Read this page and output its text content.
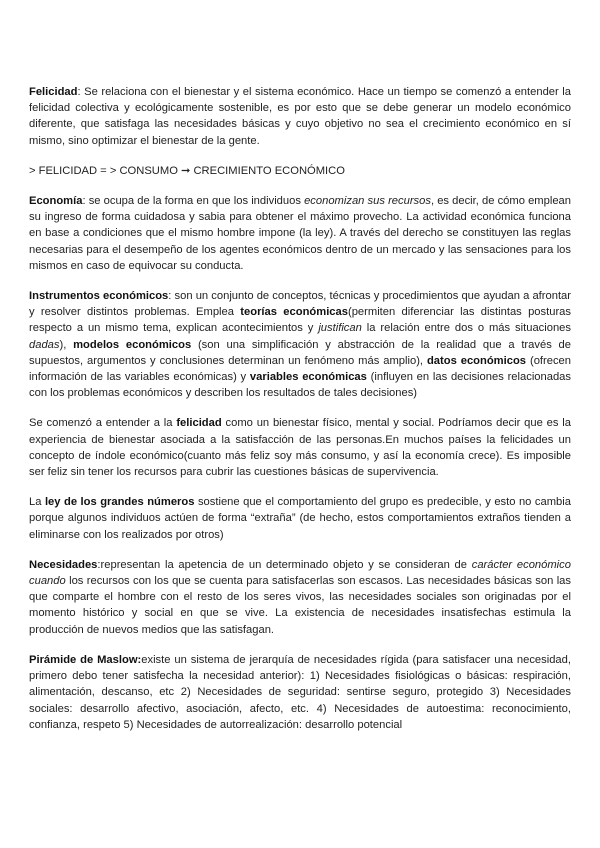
Felicidad: Se relaciona con el bienestar y el sistema económico. Hace un tiempo se comenzó a entender la felicidad colectiva y ecológicamente sostenible, es por esto que se debe generar un modelo económico diferente, que satisfaga las necesidades básicas y cuyo objetivo no sea el crecimiento económico en sí mismo, sino optimizar el bienestar de la gente.

> FELICIDAD = > CONSUMO ➞ CRECIMIENTO ECONÓMICO

Economía: se ocupa de la forma en que los individuos economizan sus recursos, es decir, de cómo emplean su ingreso de forma cuidadosa y sabia para obtener el máximo provecho. La actividad económica funciona en base a condiciones que el mismo hombre impone (la ley). A través del derecho se constituyen las reglas necesarias para el desempeño de los agentes económicos dentro de un mercado y las sensaciones para los mismos en caso de equivocar su conducta.

Instrumentos económicos: son un conjunto de conceptos, técnicas y procedimientos que ayudan a afrontar y resolver distintos problemas. Emplea teorías económicas(permiten diferenciar las distintas posturas respecto a un mismo tema, explican acontecimientos y justifican la relación entre dos o más situaciones dadas), modelos económicos (son una simplificación y abstracción de la realidad que a través de supuestos, argumentos y conclusiones determinan un fenómeno más amplio), datos económicos (ofrecen información de las variables económicas) y variables económicas (influyen en las decisiones relacionadas con los problemas económicos y describen los resultados de tales decisiones)

Se comenzó a entender a la felicidad como un bienestar físico, mental y social. Podríamos decir que es la experiencia de bienestar asociada a la satisfacción de las personas.En muchos países la felicidades un concepto de índole económico(cuanto más feliz soy más consumo, y así la economía crece). Es imposible ser feliz sin tener los recursos para cubrir las cuestiones básicas de supervivencia.

La ley de los grandes números sostiene que el comportamiento del grupo es predecible, y esto no cambia porque algunos individuos actúen de forma “extraña” (de hecho, estos comportamientos extraños tienden a eliminarse con los realizados por otros)

Necesidades:representan la apetencia de un determinado objeto y se consideran de carácter económico cuando los recursos con los que se cuenta para satisfacerlas son escasos. Las necesidades básicas son las que comparte el hombre con el resto de los seres vivos, las necesidades sociales son originadas por el momento histórico y social en que se vive. La existencia de necesidades insatisfechas estimula la producción de nuevos medios que las satisfagan.

Pirámide de Maslow:existe un sistema de jerarquía de necesidades rígida (para satisfacer una necesidad, primero debo tener satisfecha la necesidad anterior): 1) Necesidades fisiológicas o básicas: respiración, alimentación, descanso, etc 2) Necesidades de seguridad: sentirse seguro, protegido 3) Necesidades sociales: desarrollo afectivo, asociación, afecto, etc. 4) Necesidades de autoestima: reconocimiento, confianza, respeto 5) Necesidades de autorrealización: desarrollo potencial
